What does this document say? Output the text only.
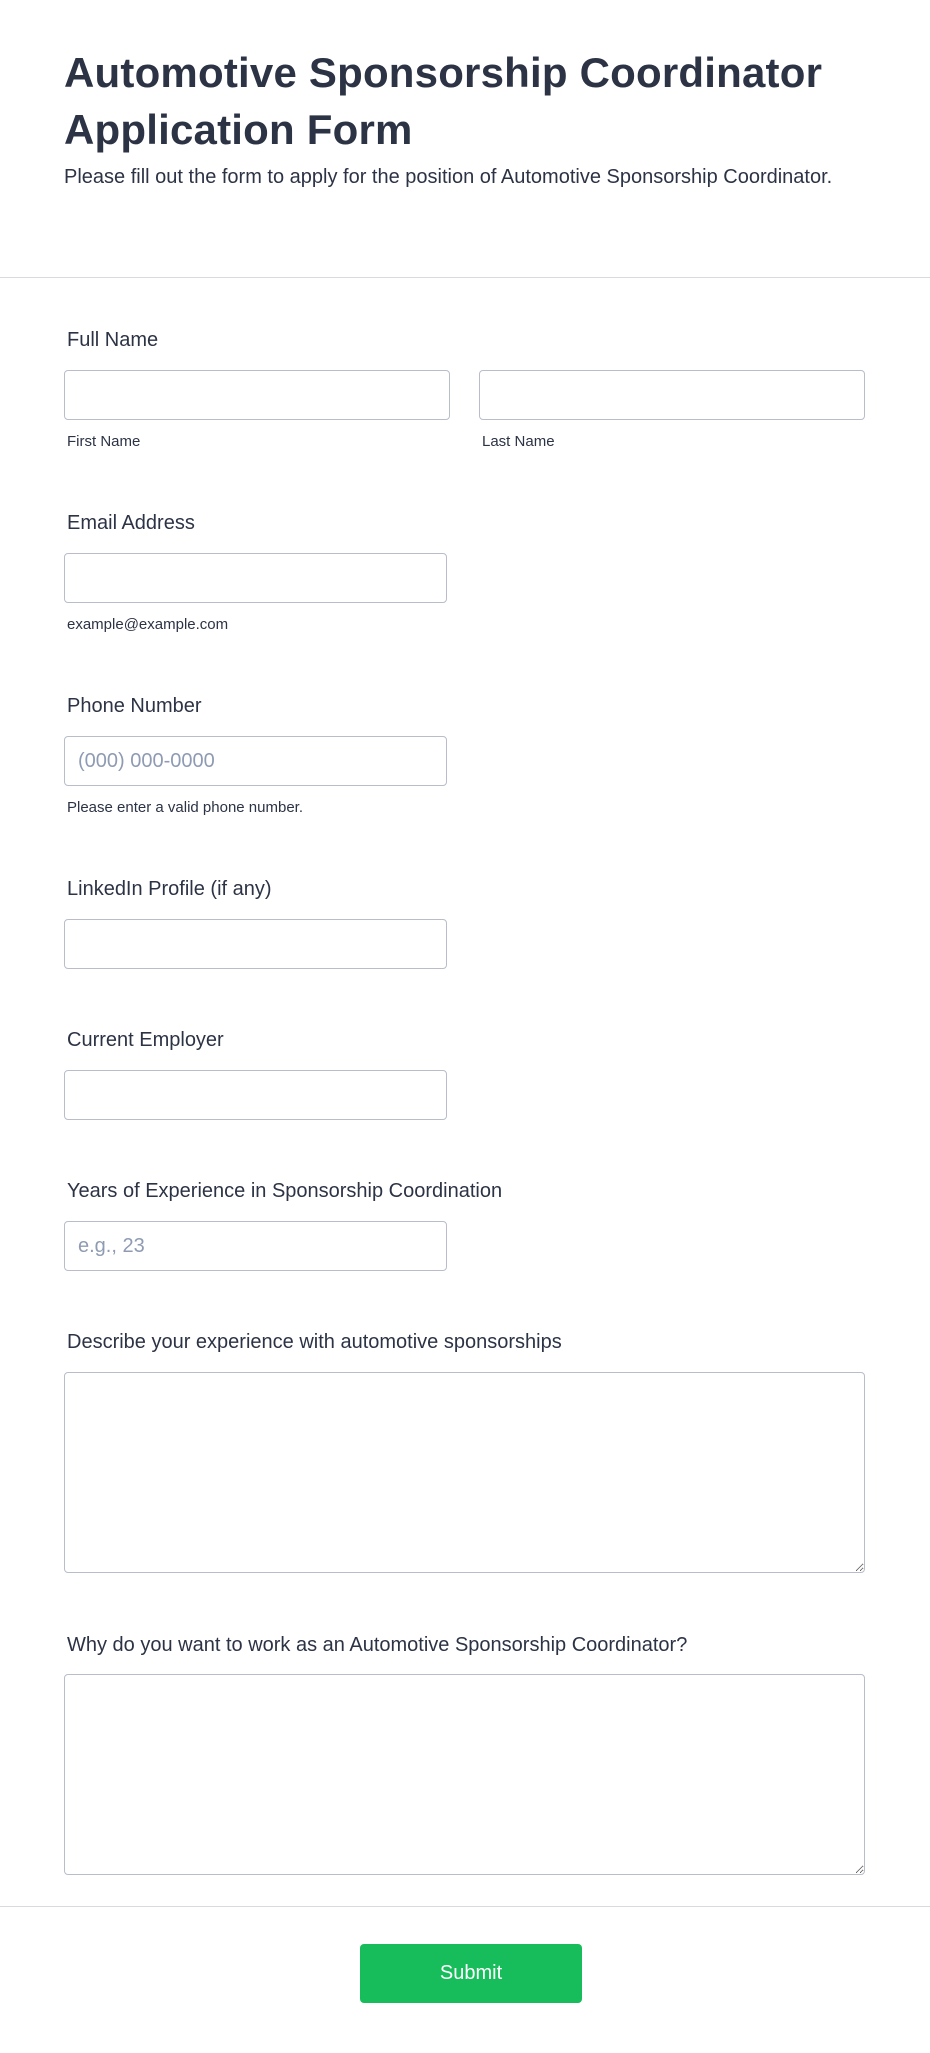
Automotive Sponsorship Coordinator Application Form

Please fill out the form to apply for the position of Automotive Sponsorship Coordinator.

Full Name
First Name	Last Name
Email Address
example@example.com
Phone Number
(000) 000-0000
Please enter a valid phone number.
LinkedIn Profile (if any)
Current Employer
Years of Experience in Sponsorship Coordination
e.g., 23
Describe your experience with automotive sponsorships
Why do you want to work as an Automotive Sponsorship Coordinator?
Submit
